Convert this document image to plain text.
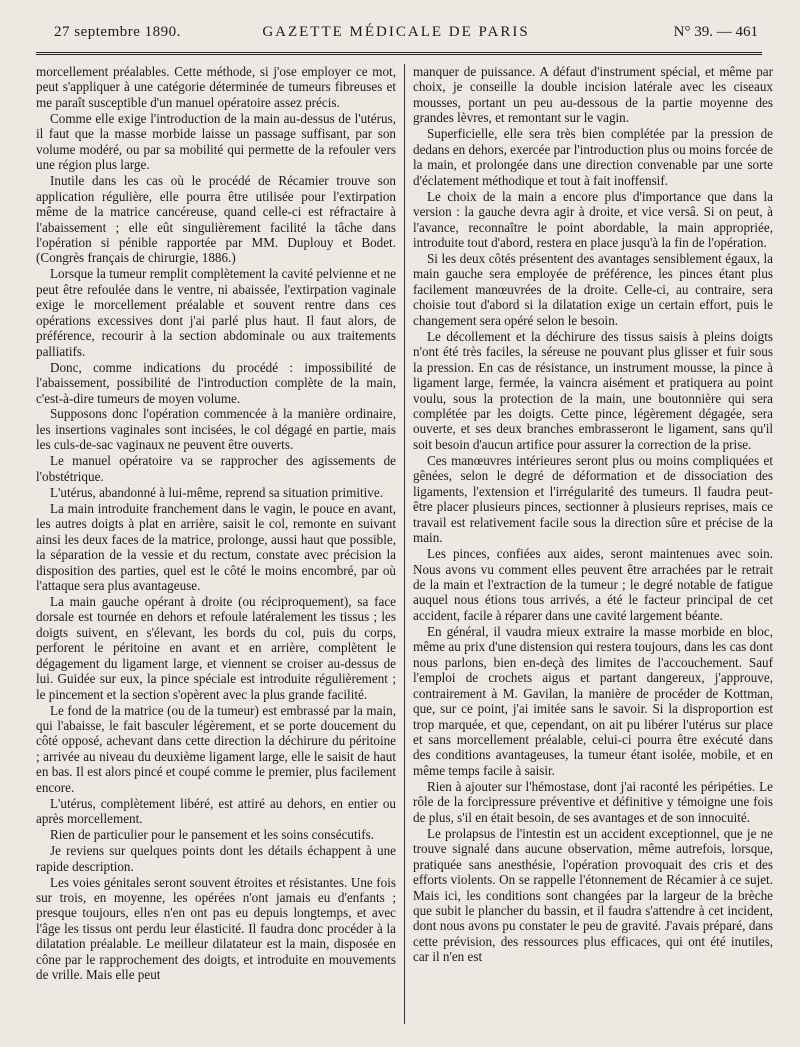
27 septembre 1890.	GAZETTE MÉDICALE DE PARIS	N° 39. — 461

morcellement préalables. Cette méthode, si j'ose employer ce mot, peut s'appliquer à une catégorie déterminée de tumeurs fibreuses et me paraît susceptible d'un manuel opératoire assez précis.

Comme elle exige l'introduction de la main au-dessus de l'utérus, il faut que la masse morbide laisse un passage suffisant, par son volume modéré, ou par sa mobilité qui permette de la refouler vers une région plus large.

Inutile dans les cas où le procédé de Récamier trouve son application régulière, elle pourra être utilisée pour l'extirpation même de la matrice cancéreuse, quand celle-ci est réfractaire à l'abaissement ; elle eût singulièrement facilité la tâche dans l'opération si pénible rapportée par MM. Duplouy et Bodet. (Congrès français de chirurgie, 1886.)

Lorsque la tumeur remplit complètement la cavité pelvienne et ne peut être refoulée dans le ventre, ni abaissée, l'extirpation vaginale exige le morcellement préalable et souvent rentre dans ces opérations excessives dont j'ai parlé plus haut. Il faut alors, de préférence, recourir à la section abdominale ou aux traitements palliatifs.

Donc, comme indications du procédé : impossibilité de l'abaissement, possibilité de l'introduction complète de la main, c'est-à-dire tumeurs de moyen volume.

Supposons donc l'opération commencée à la manière ordinaire, les insertions vaginales sont incisées, le col dégagé en partie, mais les culs-de-sac vaginaux ne peuvent être ouverts.

Le manuel opératoire va se rapprocher des agissements de l'obstétrique.

L'utérus, abandonné à lui-même, reprend sa situation primitive.

La main introduite franchement dans le vagin, le pouce en avant, les autres doigts à plat en arrière, saisit le col, remonte en suivant ainsi les deux faces de la matrice, prolonge, aussi haut que possible, la séparation de la vessie et du rectum, constate avec précision la disposition des parties, quel est le côté le moins encombré, par où l'attaque sera plus avantageuse.

La main gauche opérant à droite (ou réciproquement), sa face dorsale est tournée en dehors et refoule latéralement les tissus ; les doigts suivent, en s'élevant, les bords du col, puis du corps, perforent le péritoine en avant et en arrière, complètent le dégagement du ligament large, et viennent se croiser au-dessus de lui. Guidée sur eux, la pince spéciale est introduite régulièrement ; le pincement et la section s'opèrent avec la plus grande facilité.

Le fond de la matrice (ou de la tumeur) est embrassé par la main, qui l'abaisse, le fait basculer légèrement, et se porte doucement du côté opposé, achevant dans cette direction la déchirure du péritoine ; arrivée au niveau du deuxième ligament large, elle le saisit de haut en bas. Il est alors pincé et coupé comme le premier, plus facilement encore.

L'utérus, complètement libéré, est attiré au dehors, en entier ou après morcellement.

Rien de particulier pour le pansement et les soins consécutifs.

Je reviens sur quelques points dont les détails échappent à une rapide description.

Les voies génitales seront souvent étroites et résistantes. Une fois sur trois, en moyenne, les opérées n'ont jamais eu d'enfants ; presque toujours, elles n'en ont pas eu depuis longtemps, et avec l'âge les tissus ont perdu leur élasticité. Il faudra donc procéder à la dilatation préalable. Le meilleur dilatateur est la main, disposée en cône par le rapprochement des doigts, et introduite en mouvements de vrille. Mais elle peut

manquer de puissance. A défaut d'instrument spécial, et même par choix, je conseille la double incision latérale avec les ciseaux mousses, portant un peu au-dessous de la partie moyenne des grandes lèvres, et remontant sur le vagin.

Superficielle, elle sera très bien complétée par la pression de dedans en dehors, exercée par l'introduction plus ou moins forcée de la main, et prolongée dans une direction convenable par une sorte d'éclatement méthodique et tout à fait inoffensif.

Le choix de la main a encore plus d'importance que dans la version : la gauche devra agir à droite, et vice versâ. Si on peut, à l'avance, reconnaître le point abordable, la main appropriée, introduite tout d'abord, restera en place jusqu'à la fin de l'opération.

Si les deux côtés présentent des avantages sensiblement égaux, la main gauche sera employée de préférence, les pinces étant plus facilement manœuvrées de la droite. Celle-ci, au contraire, sera choisie tout d'abord si la dilatation exige un certain effort, puis le changement sera opéré selon le besoin.

Le décollement et la déchirure des tissus saisis à pleins doigts n'ont été très faciles, la séreuse ne pouvant plus glisser et fuir sous la pression. En cas de résistance, un instrument mousse, la pince à ligament large, fermée, la vaincra aisément et pratiquera au point voulu, sous la protection de la main, une boutonnière qui sera complétée par les doigts. Cette pince, légèrement dégagée, sera ouverte, et ses deux branches embrasseront le ligament, sans qu'il soit besoin d'aucun artifice pour assurer la correction de la prise.

Ces manœuvres intérieures seront plus ou moins compliquées et gênées, selon le degré de déformation et de dissociation des ligaments, l'extension et l'irrégularité des tumeurs. Il faudra peut-être placer plusieurs pinces, sectionner à plusieurs reprises, mais ce travail est relativement facile sous la direction sûre et précise de la main.

Les pinces, confiées aux aides, seront maintenues avec soin. Nous avons vu comment elles peuvent être arrachées par le retrait de la main et l'extraction de la tumeur ; le degré notable de fatigue auquel nous étions tous arrivés, a été le facteur principal de cet accident, facile à réparer dans une cavité largement béante.

En général, il vaudra mieux extraire la masse morbide en bloc, même au prix d'une distension qui restera toujours, dans les cas dont nous parlons, bien en-deçà des limites de l'accouchement. Sauf l'emploi de crochets aigus et partant dangereux, j'approuve, contrairement à M. Gavilan, la manière de procéder de Kottman, que, sur ce point, j'ai imitée sans le savoir. Si la disproportion est trop marquée, et que, cependant, on ait pu libérer l'utérus sur place et sans morcellement préalable, celui-ci pourra être exécuté dans des conditions avantageuses, la tumeur étant isolée, mobile, et en même temps facile à saisir.

Rien à ajouter sur l'hémostase, dont j'ai raconté les péripéties. Le rôle de la forcipressure préventive et définitive y témoigne une fois de plus, s'il en était besoin, de ses avantages et de son innocuité.

Le prolapsus de l'intestin est un accident exceptionnel, que je ne trouve signalé dans aucune observation, même autrefois, lorsque, pratiquée sans anesthésie, l'opération provoquait des cris et des efforts violents. On se rappelle l'étonnement de Récamier à ce sujet. Mais ici, les conditions sont changées par la largeur de la brèche que subit le plancher du bassin, et il faudra s'attendre à cet incident, dont nous avons pu constater le peu de gravité. J'avais préparé, dans cette prévision, des ressources plus efficaces, qui ont été inutiles, car il n'en est
